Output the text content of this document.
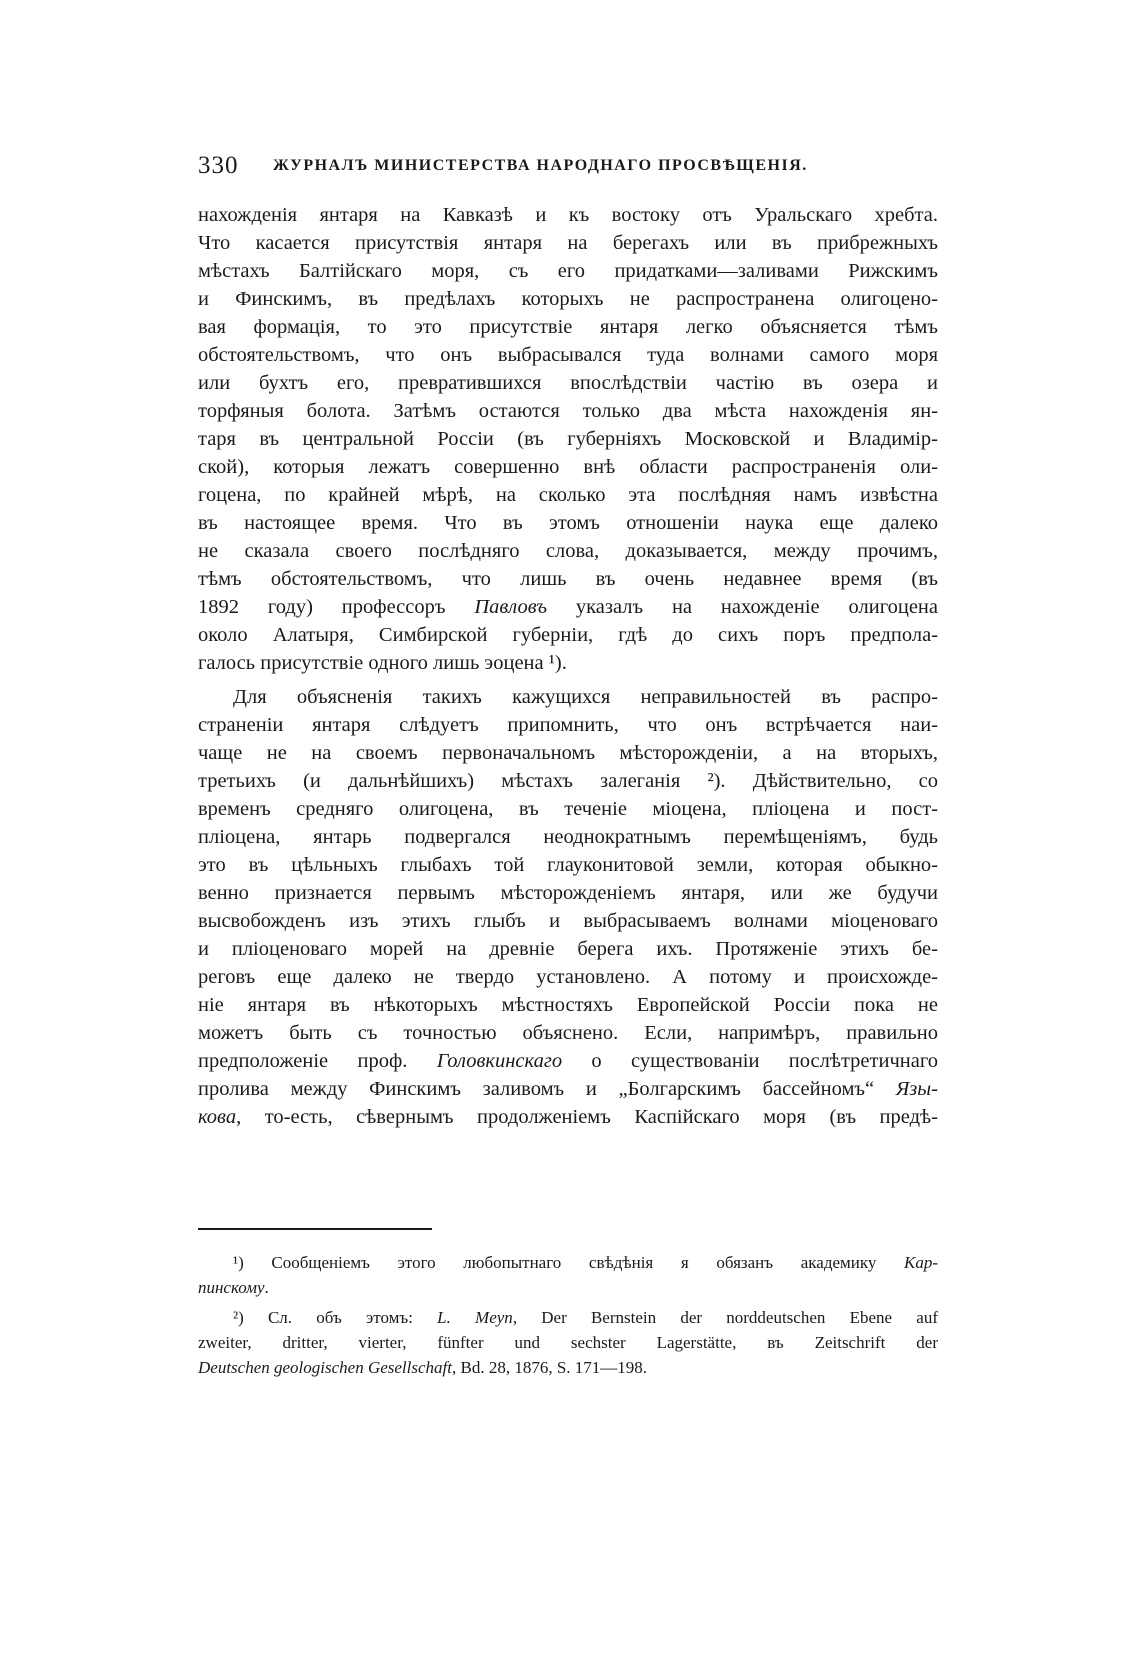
330 ЖУРНАЛЪ МИНИСТЕРСТВА НАРОДНАГО ПРОСВѢЩЕНІЯ.
нахожденія янтаря на Кавказѣ и къ востоку отъ Уральскаго хребта.
Что касается присутствія янтаря на берегахъ или въ прибрежныхъ
мѣстахъ Балтійскаго моря, съ его придатками—заливами Рижскимъ
и Финскимъ, въ предѣлахъ которыхъ не распространена олигоцено-
вая формація, то это присутствіе янтаря легко объясняется тѣмъ
обстоятельствомъ, что онъ выбрасывался туда волнами самого моря
или бухтъ его, превратившихся впослѣдствіи частію въ озера и
торфяныя болота. Затѣмъ остаются только два мѣста нахожденія ян-
таря въ центральной Россіи (въ губерніяхъ Московской и Владимір-
ской), которыя лежатъ совершенно внѣ области распространенія оли-
гоцена, по крайней мѣрѣ, на сколько эта послѣдняя намъ извѣстна
въ настоящее время. Что въ этомъ отношеніи наука еще далеко
не сказала своего послѣдняго слова, доказывается, между прочимъ,
тѣмъ обстоятельствомъ, что лишь въ очень недавнее время (въ
1892 году) профессоръ Павловъ указалъ на нахожденіе олигоцена
около Алатыря, Симбирской губерніи, гдѣ до сихъ поръ предпола-
галось присутствіе одного лишь эоцена ¹).
Для объясненія такихъ кажущихся неправильностей въ распро-
страненіи янтаря слѣдуетъ припомнить, что онъ встрѣчается наи-
чаще не на своемъ первоначальномъ мѣсторожденіи, а на вторыхъ,
третьихъ (и дальнѣйшихъ) мѣстахъ залеганія ²). Дѣйствительно, со
временъ средняго олигоцена, въ теченіе міоцена, пліоцена и пост-
пліоцена, янтарь подвергался неоднократнымъ перемѣщеніямъ, будь
это въ цѣльныхъ глыбахъ той глауконитовой земли, которая обыкно-
венно признается первымъ мѣсторожденіемъ янтаря, или же будучи
высвобожденъ изъ этихъ глыбъ и выбрасываемъ волнами міоценоваго
и пліоценоваго морей на древніе берега ихъ. Протяженіе этихъ бе-
реговъ еще далеко не твердо установлено. А потому и происхожде-
ніе янтаря въ нѣкоторыхъ мѣстностяхъ Европейской Россіи пока не
можетъ быть съ точностью объяснено. Если, напримѣръ, правильно
предположеніе проф. Головкинскаго о существованіи послѣтретичнаго
пролива между Финскимъ заливомъ и „Болгарскимъ бассейномъ“ Язы-
кова, то-есть, сѣвернымъ продолженіемъ Каспійскаго моря (въ предѣ-
¹) Сообщеніемъ этого любопытнаго свѣдѣнія я обязанъ академику Кар-
пинскому.
²) Сл. объ этомъ: L. Meyn, Der Bernstein der norddeutschen Ebene auf
zweiter, dritter, vierter, fünfter und sechster Lagerstätte, въ Zeitschrift der
Deutschen geologischen Gesellschaft, Bd. 28, 1876, S. 171—198.
